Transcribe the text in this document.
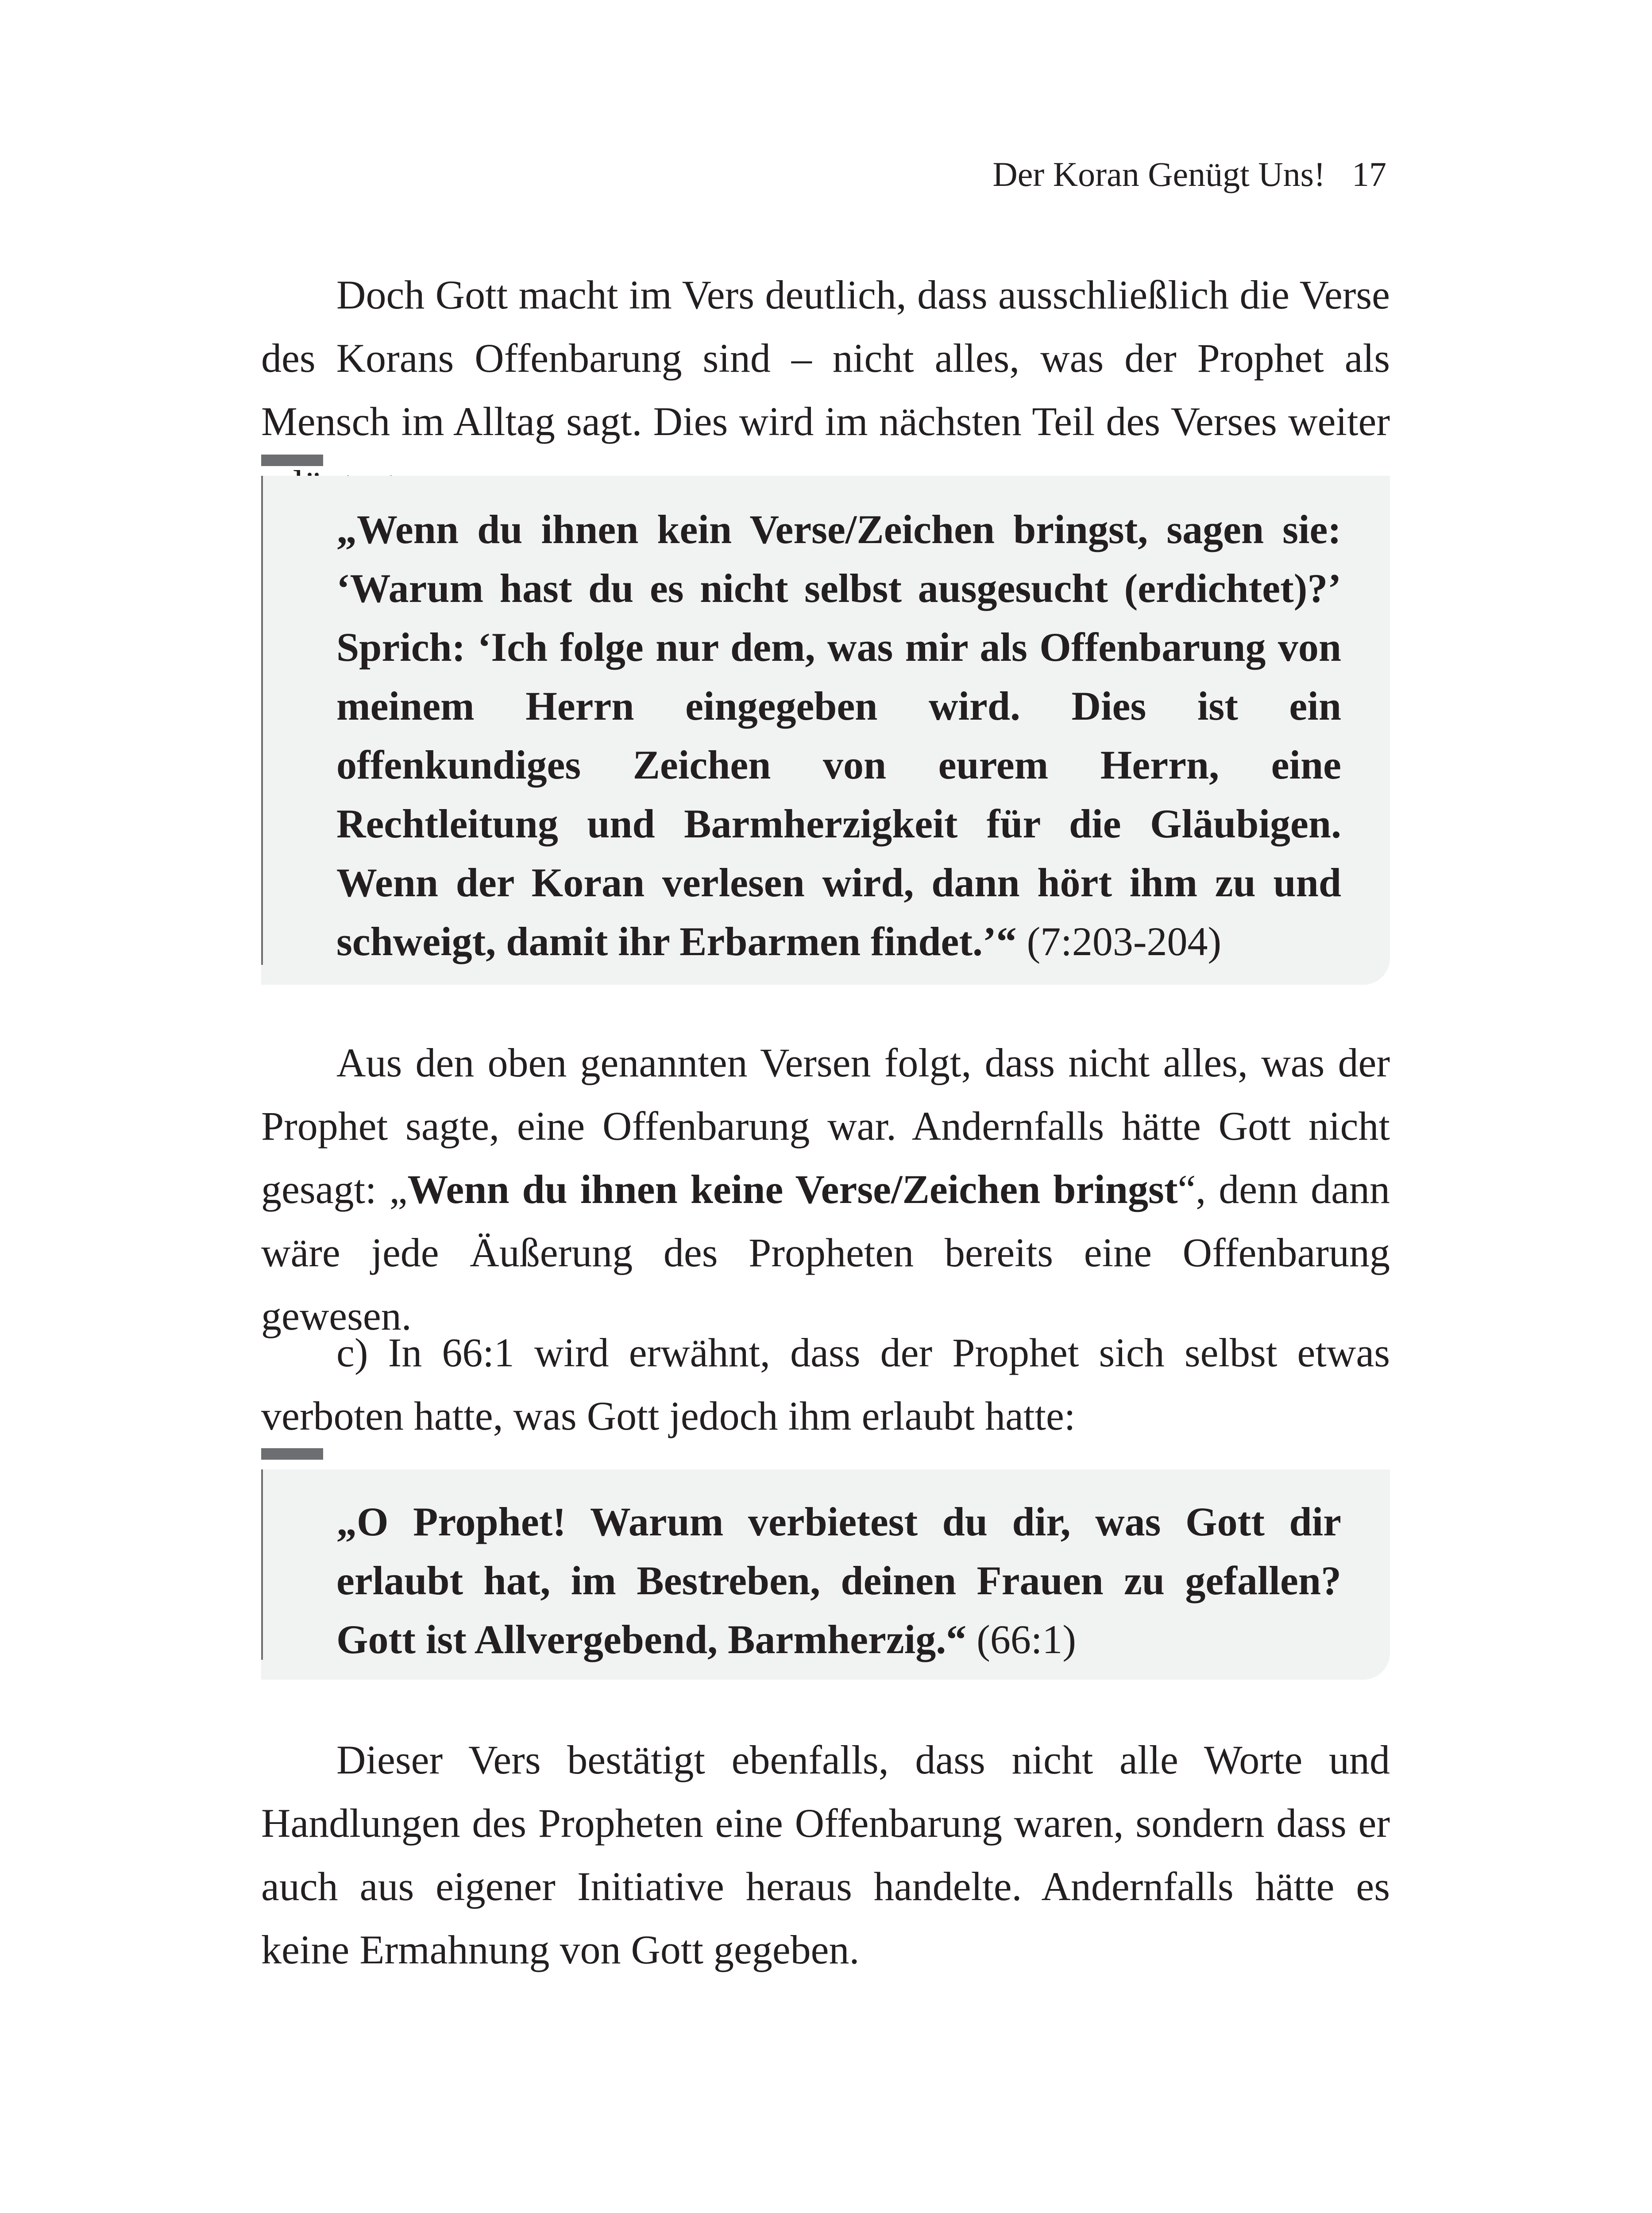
Der Koran Genügt Uns! 17
Doch Gott macht im Vers deutlich, dass ausschließlich die Verse des Korans Offenbarung sind – nicht alles, was der Prophet als Mensch im Alltag sagt. Dies wird im nächsten Teil des Verses weiter
„Wenn du ihnen kein Verse/Zeichen bringst, sagen sie: ‘Warum hast du es nicht selbst ausgesucht (erdichtet)?’ Sprich: ‘Ich folge nur dem, was mir als Offenbarung von meinem Herrn eingegeben wird. Dies ist ein offenkundiges Zeichen von eurem Herrn, eine Rechtleitung und Barmherzigkeit für die Gläubigen. Wenn der Koran verlesen wird, dann hört ihm zu und schweigt, damit ihr Erbarmen findet.’“ (7:203-204)
Aus den oben genannten Versen folgt, dass nicht alles, was der Prophet sagte, eine Offenbarung war. Andernfalls hätte Gott nicht gesagt: „Wenn du ihnen keine Verse/Zeichen bringst“, denn dann wäre jede Äußerung des Propheten bereits eine Offenbarung gewesen.
c) In 66:1 wird erwähnt, dass der Prophet sich selbst etwas verboten hatte, was Gott jedoch ihm erlaubt hatte:
„O Prophet! Warum verbietest du dir, was Gott dir erlaubt hat, im Bestreben, deinen Frauen zu gefallen? Gott ist Allvergebend, Barmherzig.“ (66:1)
Dieser Vers bestätigt ebenfalls, dass nicht alle Worte und Handlungen des Propheten eine Offenbarung waren, sondern dass er auch aus eigener Initiative heraus handelte. Andernfalls hätte es keine Ermahnung von Gott gegeben.
